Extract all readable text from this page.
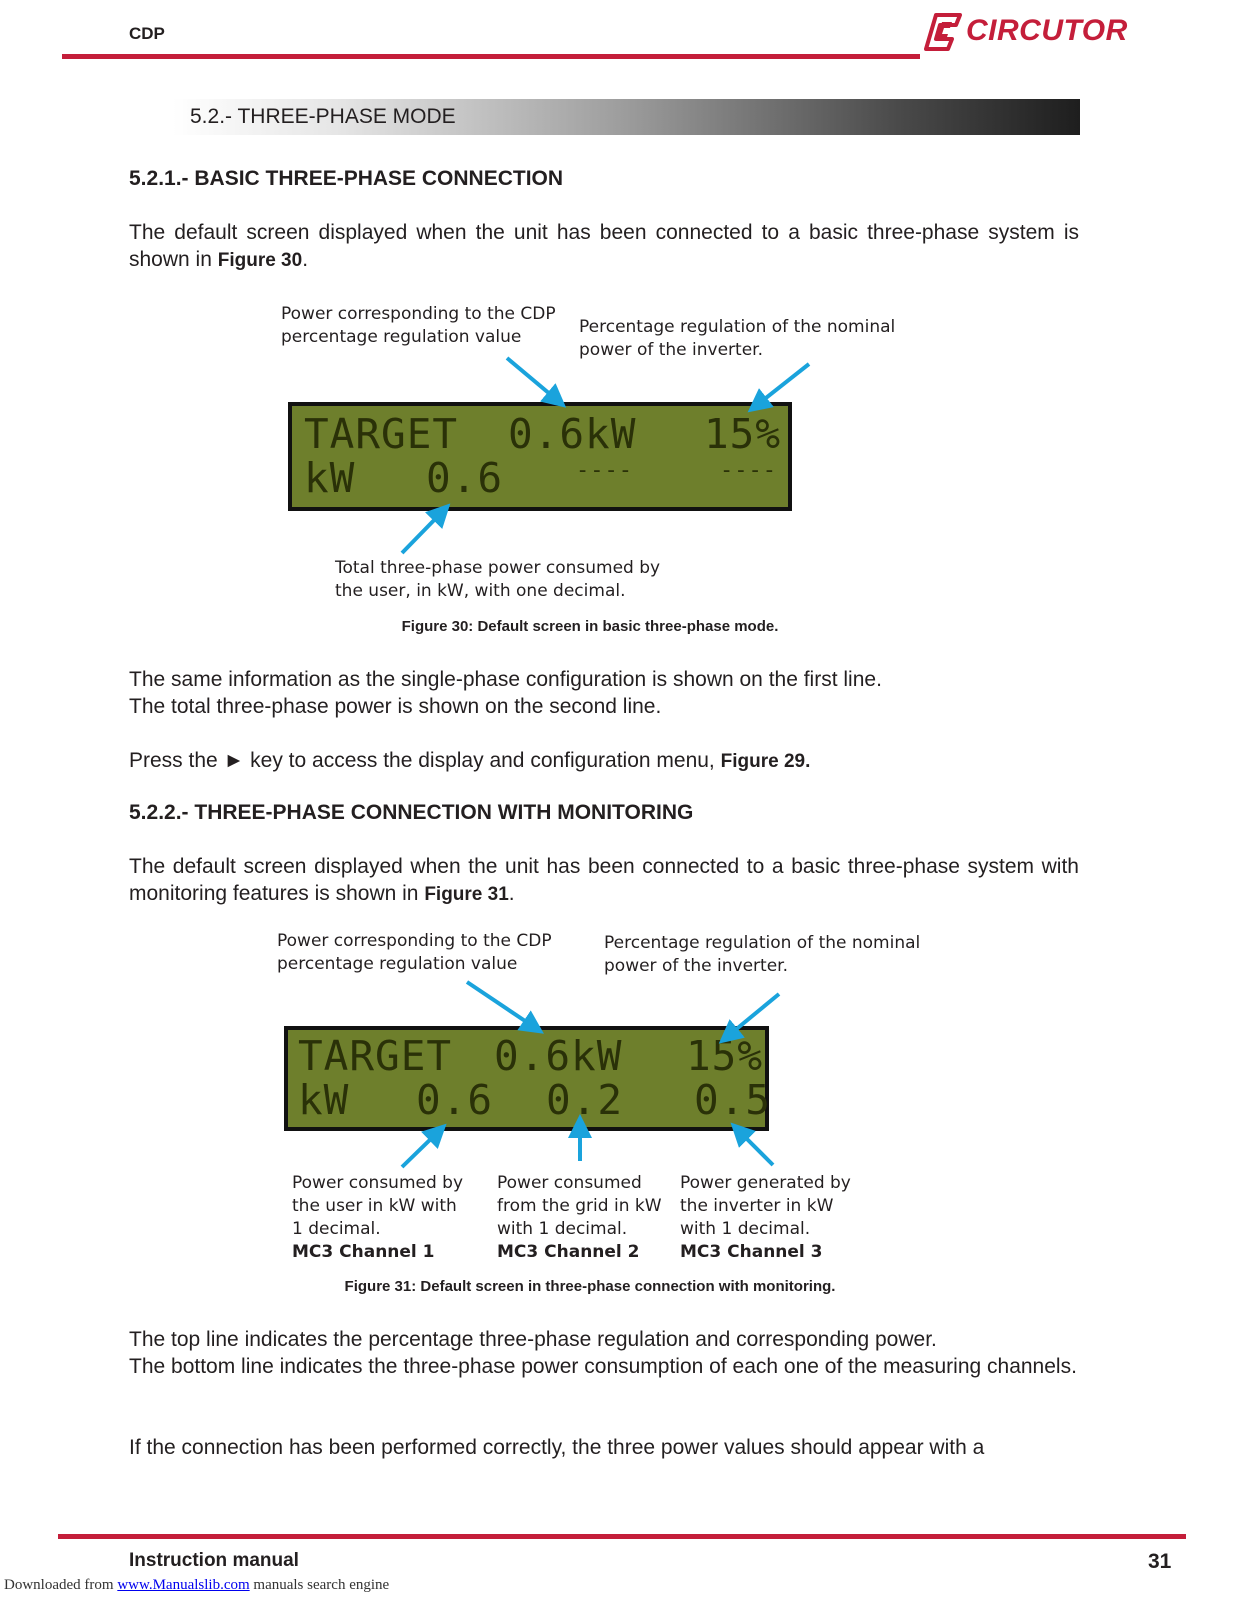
CDP	CIRCUTOR
5.2.- THREE-PHASE MODE
5.2.1.- BASIC THREE-PHASE CONNECTION
The default screen displayed when the unit has been connected to a basic three-phase system is shown in Figure 30.
Power corresponding to the CDP
percentage regulation value	Percentage regulation of the nominal
power of the inverter.
TARGET 0.6kW 15%
kW 0.6	----	----
Total three-phase power consumed by
the user, in kW, with one decimal.
Figure 30: Default screen in basic three-phase mode.
The same information as the single-phase configuration is shown on the first line.
The total three-phase power is shown on the second line.
Press the ► key to access the display and configuration menu, Figure 29.
5.2.2.- THREE-PHASE CONNECTION WITH MONITORING
The default screen displayed when the unit has been connected to a basic three-phase system with monitoring features is shown in Figure 31.
Power corresponding to the CDP
percentage regulation value
Percentage regulation of the nominal
power of the inverter.
TARGET 0.6kW 15%
kW 0.6 0.2 0.5
Power consumed by
the user in kW with
1 decimal.
MC3 Channel 1
Power consumed
from the grid in kW
with 1 decimal.
MC3 Channel 2
Power generated by
the inverter in kW
with 1 decimal.
MC3 Channel 3
Figure 31: Default screen in three-phase connection with monitoring.
The top line indicates the percentage three-phase regulation and corresponding power.
The bottom line indicates the three-phase power consumption of each one of the measuring channels.
If the connection has been performed correctly, the three power values should appear with a
Instruction manual	31
Downloaded from www.Manualslib.com manuals search engine
